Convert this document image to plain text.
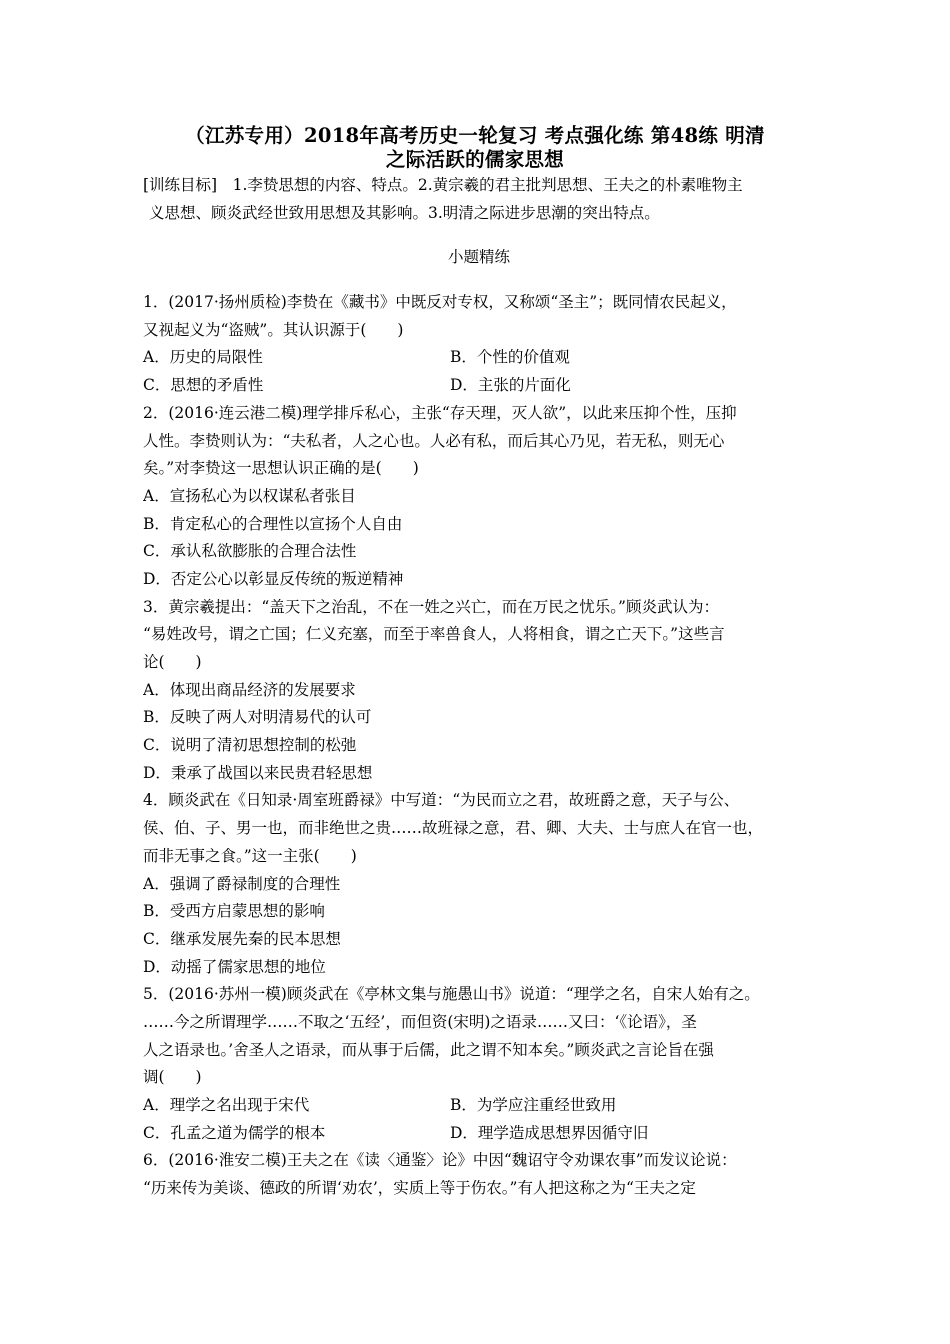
（江苏专用）2018年高考历史一轮复习 考点强化练 第48练 明清
之际活跃的儒家思想
[训练目标]　1.李贽思想的内容、特点。2.黄宗羲的君主批判思想、王夫之的朴素唯物主
义思想、顾炎武经世致用思想及其影响。3.明清之际进步思潮的突出特点。
小题精练
1．(2017·扬州质检)李贽在《藏书》中既反对专权，又称颂“圣主”；既同情农民起义，
又视起义为“盗贼”。其认识源于(　　)
A．历史的局限性	B．个性的价值观
C．思想的矛盾性	D．主张的片面化
2．(2016·连云港二模)理学排斥私心，主张“存天理，灭人欲”，以此来压抑个性，压抑
人性。李贽则认为：“夫私者，人之心也。人必有私，而后其心乃见，若无私，则无心
矣。”对李贽这一思想认识正确的是(　　)
A．宣扬私心为以权谋私者张目
B．肯定私心的合理性以宣扬个人自由
C．承认私欲膨胀的合理合法性
D．否定公心以彰显反传统的叛逆精神
3．黄宗羲提出：“盖天下之治乱，不在一姓之兴亡，而在万民之忧乐。”顾炎武认为：
“易姓改号，谓之亡国；仁义充塞，而至于率兽食人，人将相食，谓之亡天下。”这些言
论(　　)
A．体现出商品经济的发展要求
B．反映了两人对明清易代的认可
C．说明了清初思想控制的松弛
D．秉承了战国以来民贵君轻思想
4．顾炎武在《日知录·周室班爵禄》中写道：“为民而立之君，故班爵之意，天子与公、
侯、伯、子、男一也，而非绝世之贵……故班禄之意，君、卿、大夫、士与庶人在官一也，
而非无事之食。”这一主张(　　)
A．强调了爵禄制度的合理性
B．受西方启蒙思想的影响
C．继承发展先秦的民本思想
D．动摇了儒家思想的地位
5．(2016·苏州一模)顾炎武在《亭林文集与施愚山书》说道：“理学之名，自宋人始有之。
……今之所谓理学……不取之‘五经’，而但资(宋明)之语录……又曰：‘《论语》，圣
人之语录也。’舍圣人之语录，而从事于后儒，此之谓不知本矣。”顾炎武之言论旨在强
调(　　)
A．理学之名出现于宋代	B．为学应注重经世致用
C．孔孟之道为儒学的根本	D．理学造成思想界因循守旧
6．(2016·淮安二模)王夫之在《读〈通鉴〉论》中因“魏诏守令劝课农事”而发议论说：
“历来传为美谈、德政的所谓‘劝农’，实质上等于伤农。”有人把这称之为“王夫之定
